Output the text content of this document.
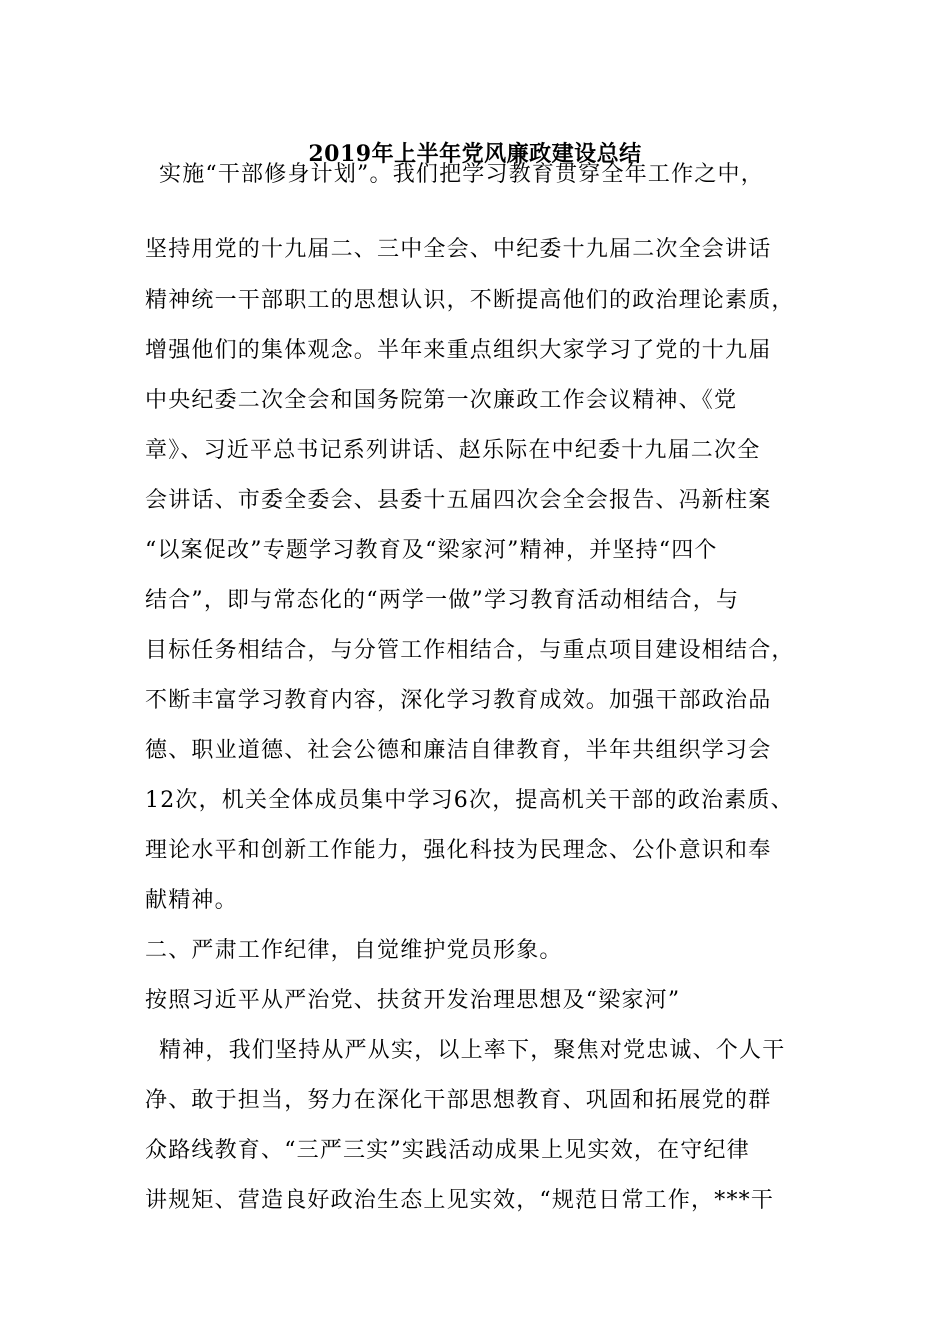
2019年上半年党风廉政建设总结
实施“干部修身计划”。我们把学习教育贯穿全年工作之中，
坚持用党的十九届二、三中全会、中纪委十九届二次全会讲话
精神统一干部职工的思想认识，不断提高他们的政治理论素质，
增强他们的集体观念。半年来重点组织大家学习了党的十九届
中央纪委二次全会和国务院第一次廉政工作会议精神、《党
章》、习近平总书记系列讲话、赵乐际在中纪委十九届二次全
会讲话、市委全委会、县委十五届四次会全会报告、冯新柱案
“以案促改”专题学习教育及“梁家河”精神，并坚持“四个
结合”，即与常态化的“两学一做”学习教育活动相结合，与
目标任务相结合，与分管工作相结合，与重点项目建设相结合，
不断丰富学习教育内容，深化学习教育成效。加强干部政治品
德、职业道德、社会公德和廉洁自律教育，半年共组织学习会
12次，机关全体成员集中学习6次，提高机关干部的政治素质、
理论水平和创新工作能力，强化科技为民理念、公仆意识和奉
献精神。
二、严肃工作纪律，自觉维护党员形象。
按照习近平从严治党、扶贫开发治理思想及“梁家河”
精神，我们坚持从严从实，以上率下，聚焦对党忠诚、个人干
净、敢于担当，努力在深化干部思想教育、巩固和拓展党的群
众路线教育、“三严三实”实践活动成果上见实效，在守纪律
讲规矩、营造良好政治生态上见实效，“规范日常工作，***干
